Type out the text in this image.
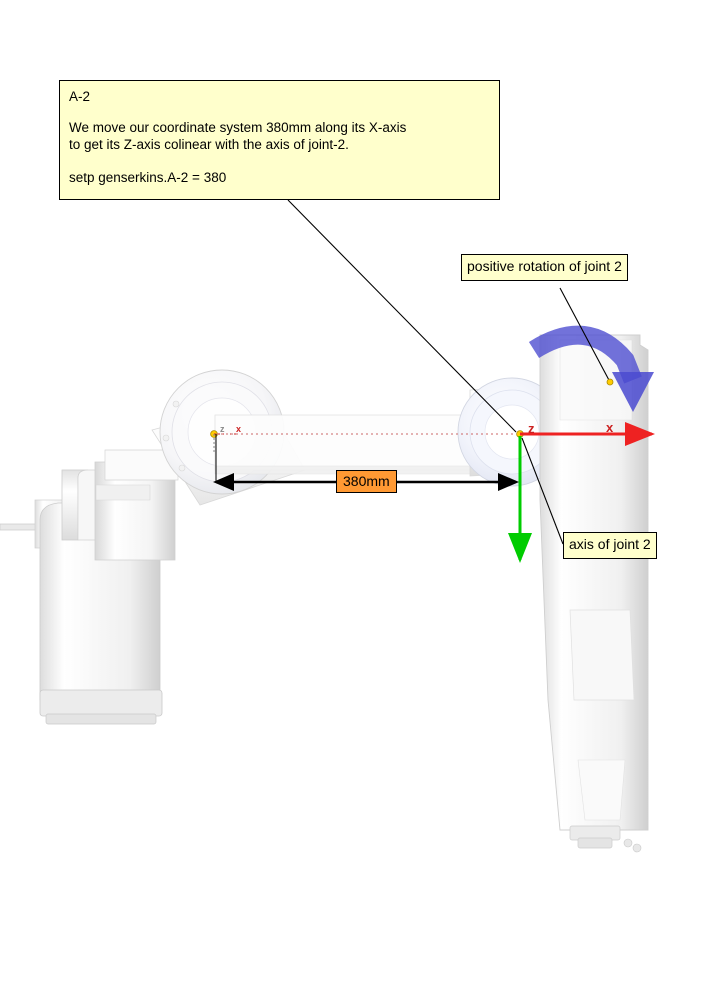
z x	z	x

A-2

We move our coordinate system 380mm along its X-axis

to get its Z-axis colinear with the axis of joint-2.

setp genserkins.A-2 = 380

positive rotation of joint 2
axis of joint 2
380mm
